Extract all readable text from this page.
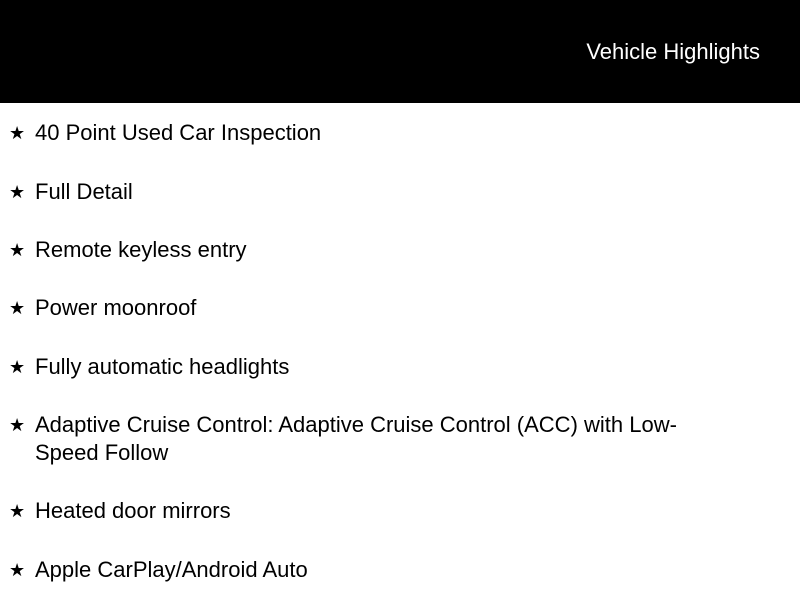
Vehicle Highlights
★ 40 Point Used Car Inspection
★ Full Detail
★ Remote keyless entry
★ Power moonroof
★ Fully automatic headlights
★ Adaptive Cruise Control: Adaptive Cruise Control (ACC) with Low-Speed Follow
★ Heated door mirrors
★ Apple CarPlay/Android Auto
